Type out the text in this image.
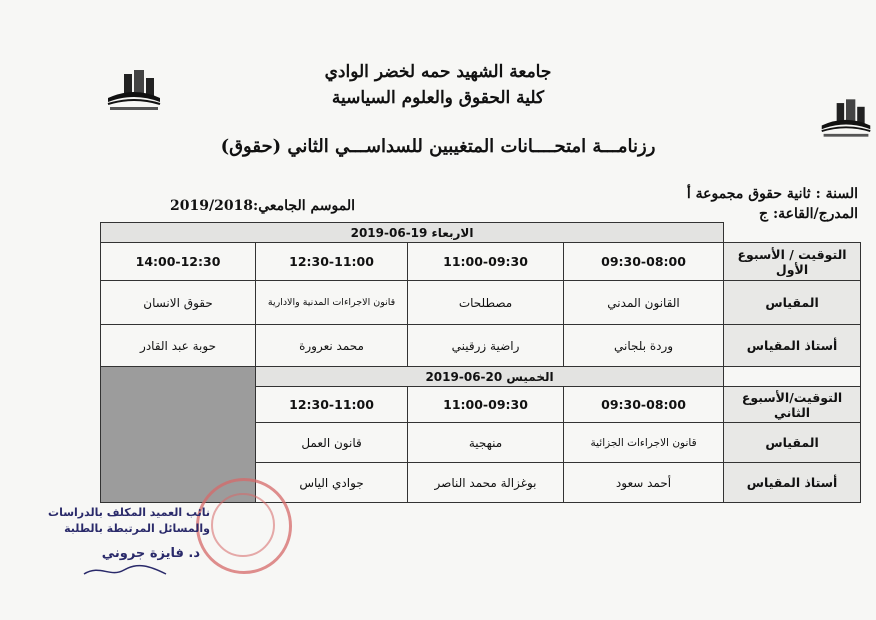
جامعة الشهيد حمه لخضر الوادي
كلية الحقوق والعلوم السياسية
رزنامـــة امتحــــانات المتغيبين للسداســـي الثاني (حقوق)
السنة : ثانية حقوق مجموعة أ
الموسم الجامعي:2019/2018	المدرج/القاعة: ج
	الاربعاء 19-06-2019			
التوقيت / الأسبوع الأول	09:30-08:00	11:00-09:30	12:30-11:00	14:00-12:30
المقياس	القانون المدني	مصطلحات	قانون الاجراءات المدنية والادارية	حقوق الانسان
أستاذ المقياس	وردة بلجاني	راضية زرقيني	محمد نعرورة	حوبة عبد القادر
	الخميس 20-06-2019			
التوقيت/الأسبوع الثاني	09:30-08:00	11:00-09:30	12:30-11:00	
المقياس	قانون الاجراءات الجزائية	منهجية	قانون العمل	
أستاذ المقياس	أحمد سعود	بوغزالة محمد الناصر	جوادي الياس	
نائب العميد المكلف بالدراسات
والمسائل المرتبطة بالطلبة
د. فايزة جروني
